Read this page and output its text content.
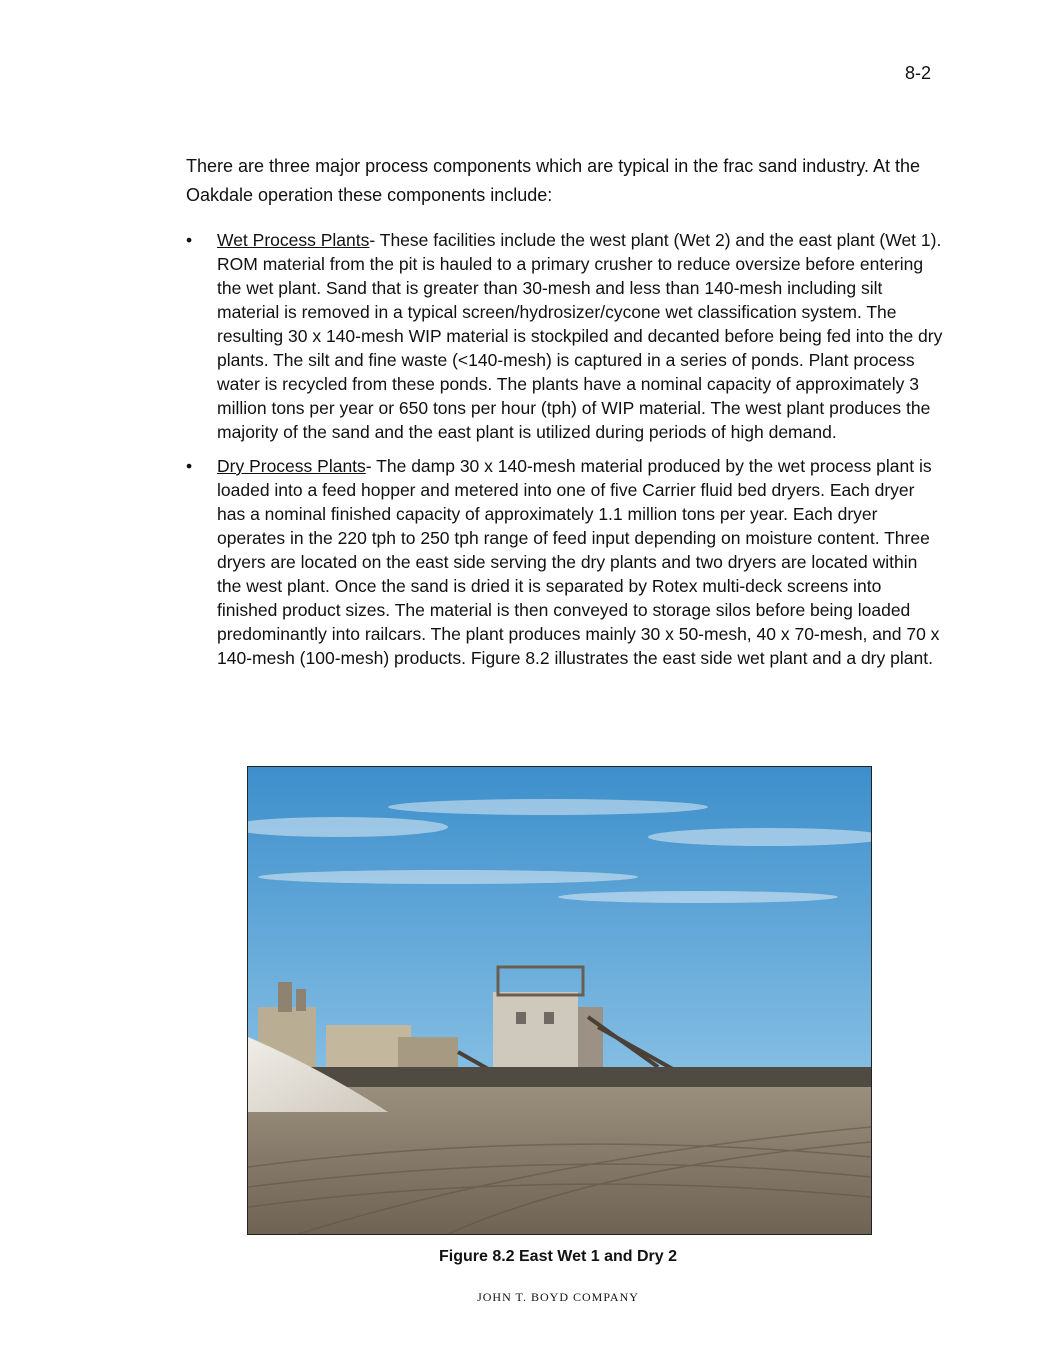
8-2

There are three major process components which are typical in the frac sand industry. At the Oakdale operation these components include:

•	Wet Process Plants- These facilities include the west plant (Wet 2) and the east plant (Wet 1). ROM material from the pit is hauled to a primary crusher to reduce oversize before entering the wet plant. Sand that is greater than 30-mesh and less than 140-mesh including silt material is removed in a typical screen/hydrosizer/cycone wet classification system. The resulting 30 x 140-mesh WIP material is stockpiled and decanted before being fed into the dry plants. The silt and fine waste (<140-mesh) is captured in a series of ponds. Plant process water is recycled from these ponds. The plants have a nominal capacity of approximately 3 million tons per year or 650 tons per hour (tph) of WIP material. The west plant produces the majority of the sand and the east plant is utilized during periods of high demand.
•	Dry Process Plants- The damp 30 x 140-mesh material produced by the wet process plant is loaded into a feed hopper and metered into one of five Carrier fluid bed dryers. Each dryer has a nominal finished capacity of approximately 1.1 million tons per year. Each dryer operates in the 220 tph to 250 tph range of feed input depending on moisture content. Three dryers are located on the east side serving the dry plants and two dryers are located within the west plant. Once the sand is dried it is separated by Rotex multi-deck screens into finished product sizes. The material is then conveyed to storage silos before being loaded predominantly into railcars. The plant produces mainly 30 x 50-mesh, 40 x 70-mesh, and 70 x 140-mesh (100-mesh) products. Figure 8.2 illustrates the east side wet plant and a dry plant.
Figure 8.2 East Wet 1 and Dry 2
JOHN T. BOYD COMPANY
